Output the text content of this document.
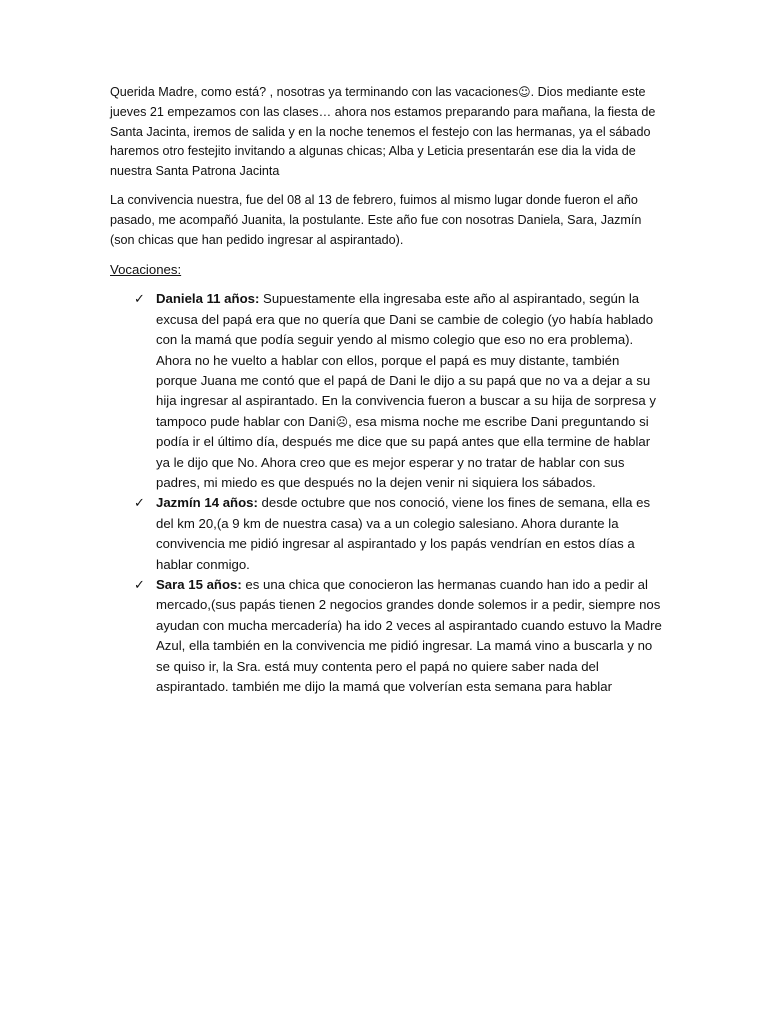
Querida Madre, como está? , nosotras ya terminando con las vacaciones☺. Dios mediante este jueves 21 empezamos con las clases… ahora nos estamos preparando para mañana, la fiesta de Santa Jacinta, iremos de salida y en la noche tenemos el festejo con las hermanas, ya el sábado haremos otro festejito invitando a algunas chicas; Alba y Leticia presentarán ese dia la vida de nuestra Santa Patrona Jacinta

La convivencia nuestra, fue del 08 al 13 de febrero, fuimos al mismo lugar donde fueron el año pasado, me acompañó Juanita, la postulante. Este año fue con nosotras Daniela, Sara, Jazmín (son chicas que han pedido ingresar al aspirantado).

Vocaciones:

✓ Daniela 11 años: Supuestamente ella ingresaba este año al aspirantado, según la excusa del papá era que no quería que Dani se cambie de colegio (yo había hablado con la mamá que podía seguir yendo al mismo colegio que eso no era problema). Ahora no he vuelto a hablar con ellos, porque el papá es muy distante, también porque Juana me contó que el papá de Dani le dijo a su papá que no va a dejar a su hija ingresar al aspirantado. En la convivencia fueron a buscar a su hija de sorpresa y tampoco pude hablar con Dani☹, esa misma noche me escribe Dani preguntando si podía ir el último día, después me dice que su papá antes que ella termine de hablar ya le dijo que No. Ahora creo que es mejor esperar y no tratar de hablar con sus padres, mi miedo es que después no la dejen venir ni siquiera los sábados.
✓ Jazmín 14 años: desde octubre que nos conoció, viene los fines de semana, ella es del km 20,(a 9 km de nuestra casa) va a un colegio salesiano. Ahora durante la convivencia me pidió ingresar al aspirantado y los papás vendrían en estos días a hablar conmigo.
✓ Sara 15 años: es una chica que conocieron las hermanas cuando han ido a pedir al mercado,(sus papás tienen 2 negocios grandes donde solemos ir a pedir, siempre nos ayudan con mucha mercadería) ha ido 2 veces al aspirantado cuando estuvo la Madre Azul, ella también en la convivencia me pidió ingresar. La mamá vino a buscarla y no se quiso ir, la Sra. está muy contenta pero el papá no quiere saber nada del aspirantado. también me dijo la mamá que volverían esta semana para hablar
